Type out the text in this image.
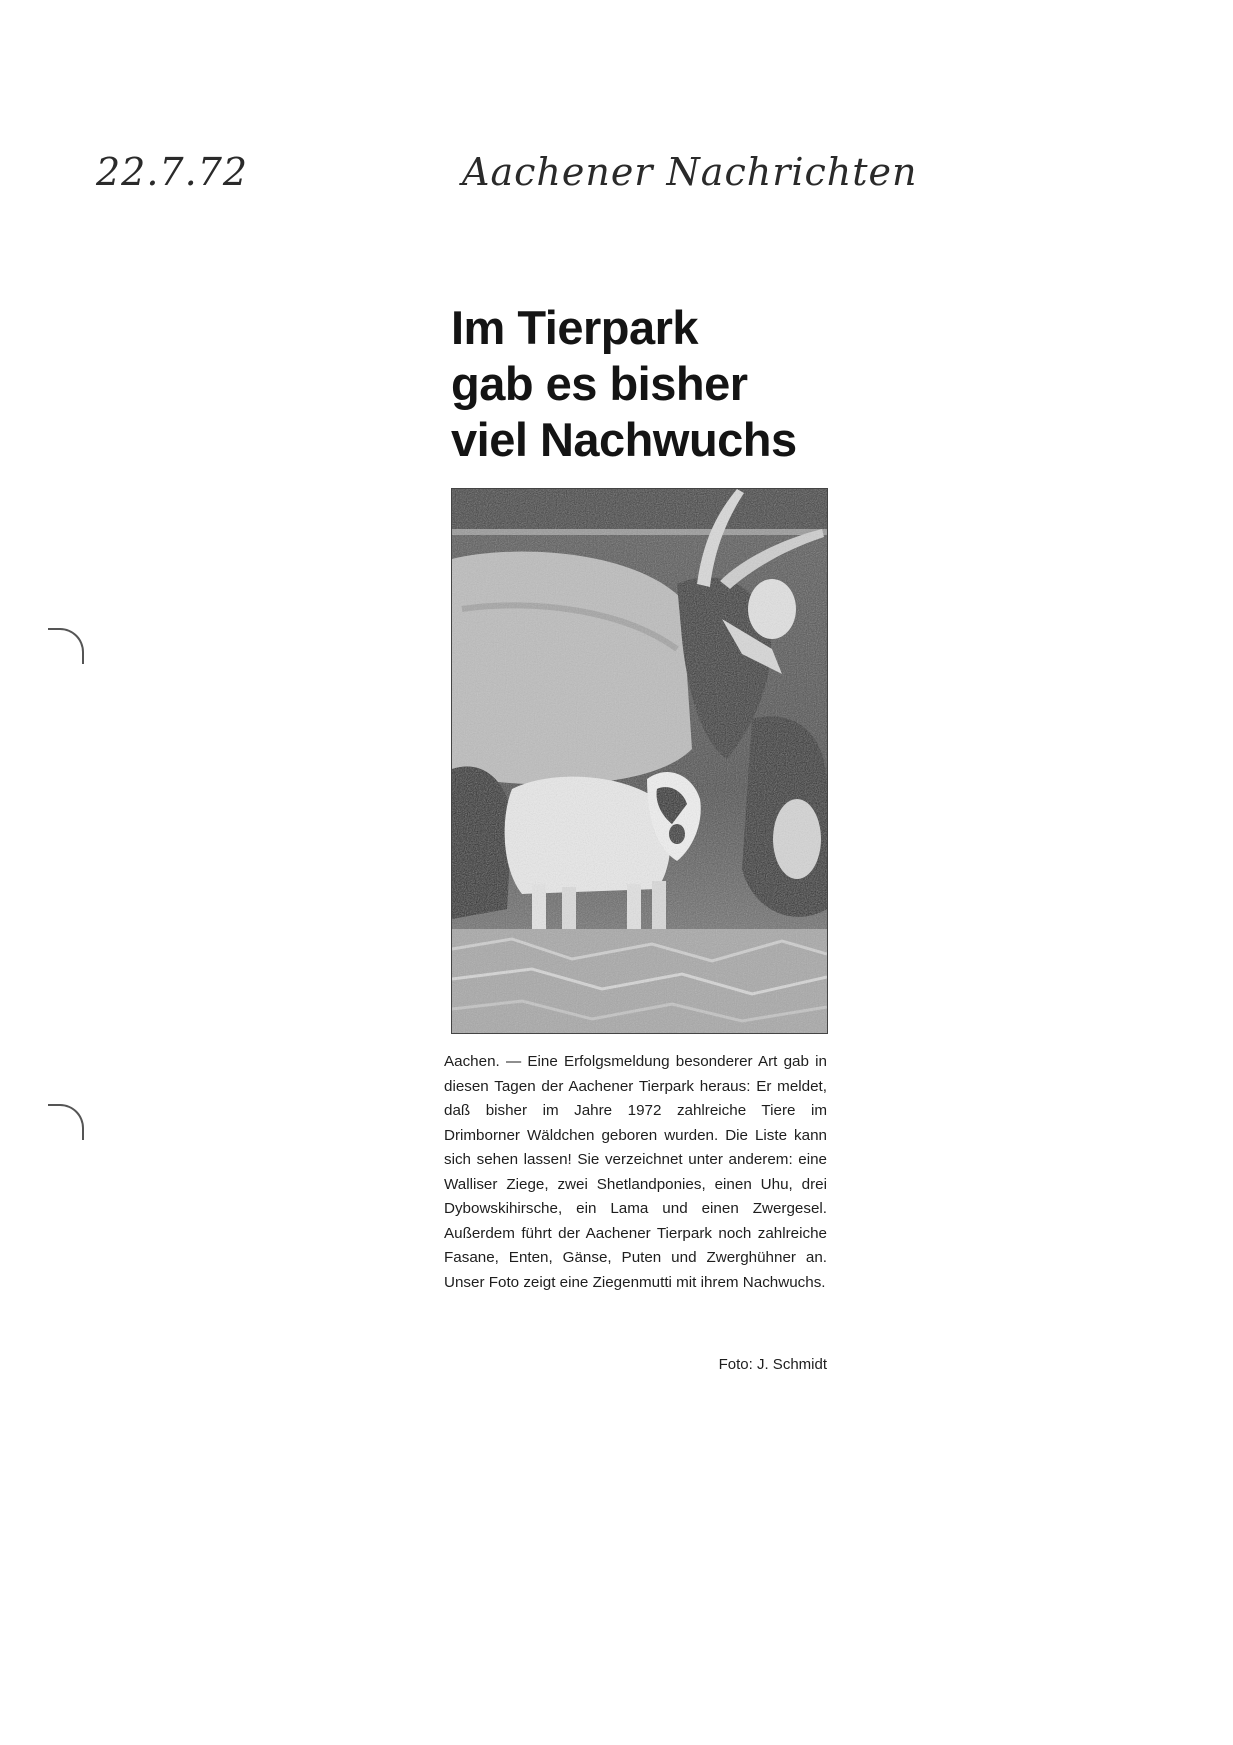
22.7.72	Aachener Nachrichten
Im Tierpark
gab es bisher
viel Nachwuchs

Aachen. — Eine Erfolgsmeldung besonderer Art gab in diesen Tagen der Aachener Tierpark heraus: Er meldet, daß bisher im Jahre 1972 zahlreiche Tiere im Drimborner Wäldchen geboren wurden. Die Liste kann sich sehen lassen! Sie verzeichnet unter anderem: eine Walliser Ziege, zwei Shetlandponies, einen Uhu, drei Dybowskihirsche, ein Lama und einen Zwergesel. Außerdem führt der Aachener Tierpark noch zahlreiche Fasane, Enten, Gänse, Puten und Zwerghühner an. Unser Foto zeigt eine Ziegenmutti mit ihrem Nachwuchs.

Foto: J. Schmidt
